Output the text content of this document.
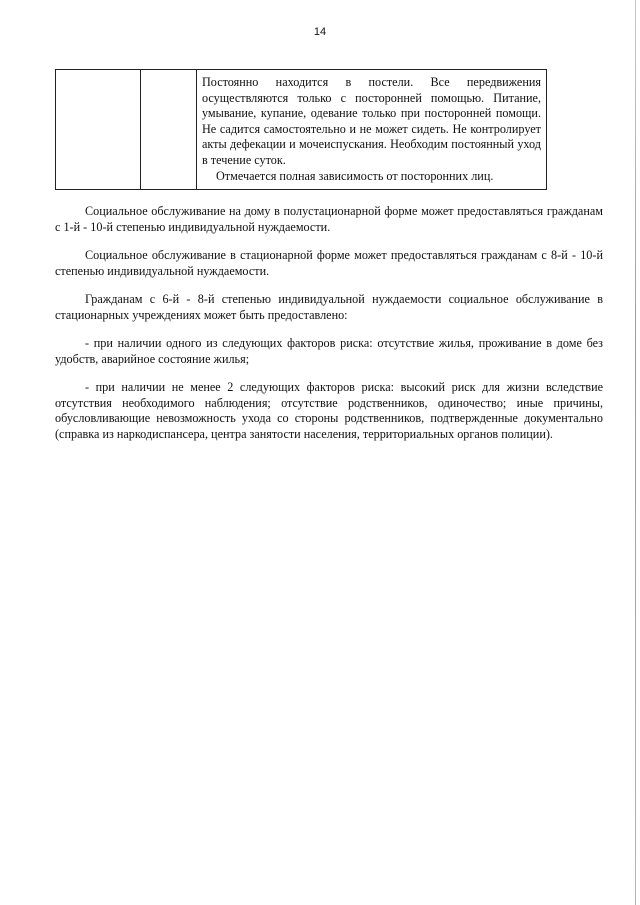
14

Постоянно находится в постели. Все передвижения осуществляются только с посторонней помощью. Питание, умывание, купание, одевание только при посторонней помощи. Не садится самостоятельно и не может сидеть. Не контролирует акты дефекации и мочеиспускания. Необходим постоянный уход в течение суток.
Отмечается полная зависимость от посторонних лиц.

Социальное обслуживание на дому в полустационарной форме может предоставляться гражданам с 1-й - 10-й степенью индивидуальной нуждаемости.

Социальное обслуживание в стационарной форме может предоставляться гражданам с 8-й - 10-й степенью индивидуальной нуждаемости.

Гражданам с 6-й - 8-й степенью индивидуальной нуждаемости социальное обслуживание в стационарных учреждениях может быть предоставлено:

- при наличии одного из следующих факторов риска: отсутствие жилья, проживание в доме без удобств, аварийное состояние жилья;

- при наличии не менее 2 следующих факторов риска: высокий риск для жизни вследствие отсутствия необходимого наблюдения; отсутствие родственников, одиночество; иные причины, обусловливающие невозможность ухода со стороны родственников, подтвержденные документально (справка из наркодиспансера, центра занятости населения, территориальных органов полиции).
